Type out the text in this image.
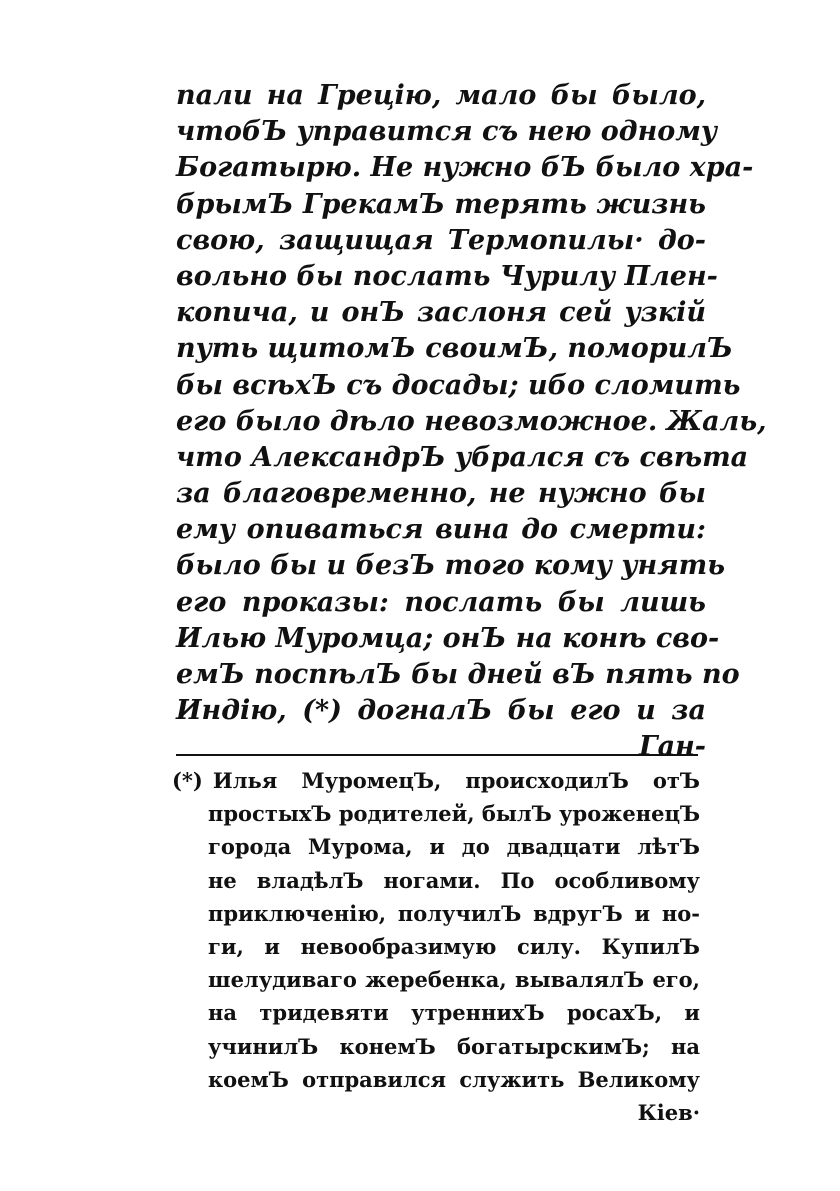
пали на Грецію, мало бы было,
чтобЪ управится съ нею одному
Богатырю. Не нужно бЪ было хра-
брымЪ ГрекамЪ терять жизнь
свою, защищая Термопилы· до-
вольно бы послать Чурилу Плен-
копича, и онЪ заслоня сей узкій
путь щитомЪ своимЪ, поморилЪ
бы всѣхЪ съ досады; ибо сломить
его было дѣло невозможное. Жаль,
что АлександрЪ убрался съ свѣта
за благовременно, не нужно бы
ему опиваться вина до смерти:
было бы и безЪ того кому унять
его проказы: послать бы лишь
Илью Муромца; онЪ на конѣ сво-
емЪ поспѣлЪ бы дней вЪ пять по
Индію, (*) догналЪ бы его и за
Ган-
(*) Илья МуромецЪ, происходилЪ отЪ
простыхЪ родителей, былЪ уроженецЪ
города Мурома, и до двадцати лѣтЪ
не владѣлЪ ногами. По особливому
приключенію, получилЪ вдругЪ и но-
ги, и невообразимую силу. КупилЪ
шелудиваго жеребенка, вывалялЪ его,
на тридевяти утреннихЪ росахЪ, и
учинилЪ конемЪ богатырскимЪ; на
коемЪ отправился служить Великому
Кіев·
